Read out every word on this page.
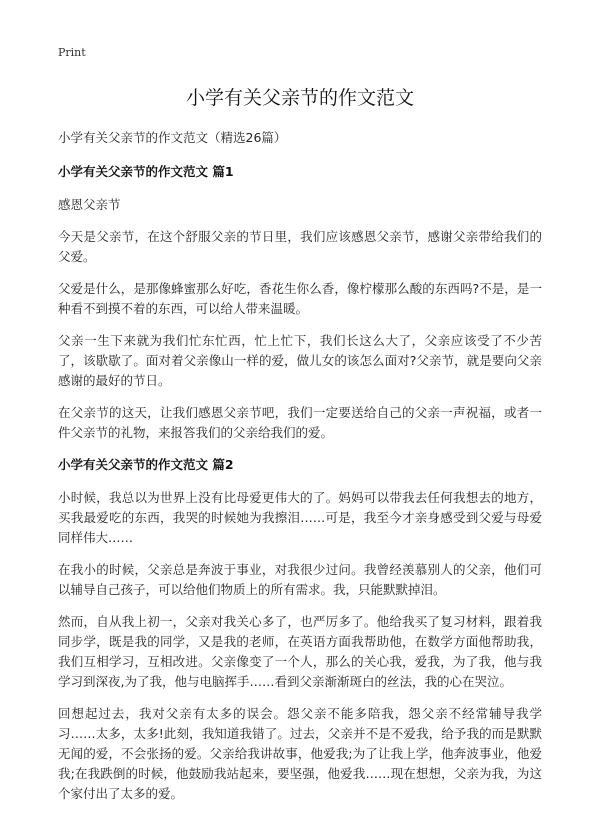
Print
小学有关父亲节的作文范文

小学有关父亲节的作文范文（精选26篇）

小学有关父亲节的作文范文 篇1

感恩父亲节

今天是父亲节，在这个舒服父亲的节日里，我们应该感恩父亲节，感谢父亲带给我们的父爱。

父爱是什么，是那像蜂蜜那么好吃，香花生你么香，像柠檬那么酸的东西吗?不是，是一种看不到摸不着的东西，可以给人带来温暖。

父亲一生下来就为我们忙东忙西，忙上忙下，我们长这么大了，父亲应该受了不少苦了，该歇歇了。面对着父亲像山一样的爱，做儿女的该怎么面对?父亲节，就是要向父亲感谢的最好的节日。

在父亲节的这天，让我们感恩父亲节吧，我们一定要送给自己的父亲一声祝福，或者一件父亲节的礼物，来报答我们的父亲给我们的爱。

小学有关父亲节的作文范文 篇2

小时候，我总以为世界上没有比母爱更伟大的了。妈妈可以带我去任何我想去的地方，买我最爱吃的东西，我哭的时候她为我擦泪……可是，我至今才亲身感受到父爱与母爱同样伟大……

在我小的时候，父亲总是奔波于事业，对我很少过问。我曾经羡慕别人的父亲，他们可以辅导自己孩子，可以给他们物质上的所有需求。我，只能默默掉泪。

然而，自从我上初一，父亲对我关心多了，也严厉多了。他给我买了复习材料，跟着我同步学，既是我的同学，又是我的老师，在英语方面我帮助他，在数学方面他帮助我，我们互相学习，互相改进。父亲像变了一个人，那么的关心我，爱我，为了我，他与我学习到深夜,为了我，他与电脑挥手……看到父亲渐渐斑白的丝法，我的心在哭泣。

回想起过去，我对父亲有太多的误会。怨父亲不能多陪我，怨父亲不经常辅导我学习……太多，太多!此刻，我知道我错了。过去，父亲并不是不爱我，给予我的而是默默无闻的爱，不会张扬的爱。父亲给我讲故事，他爱我;为了让我上学，他奔波事业，他爱我;在我跌倒的时候，他鼓励我站起来，要坚强，他爱我……现在想想，父亲为我，为这个家付出了太多的爱。
